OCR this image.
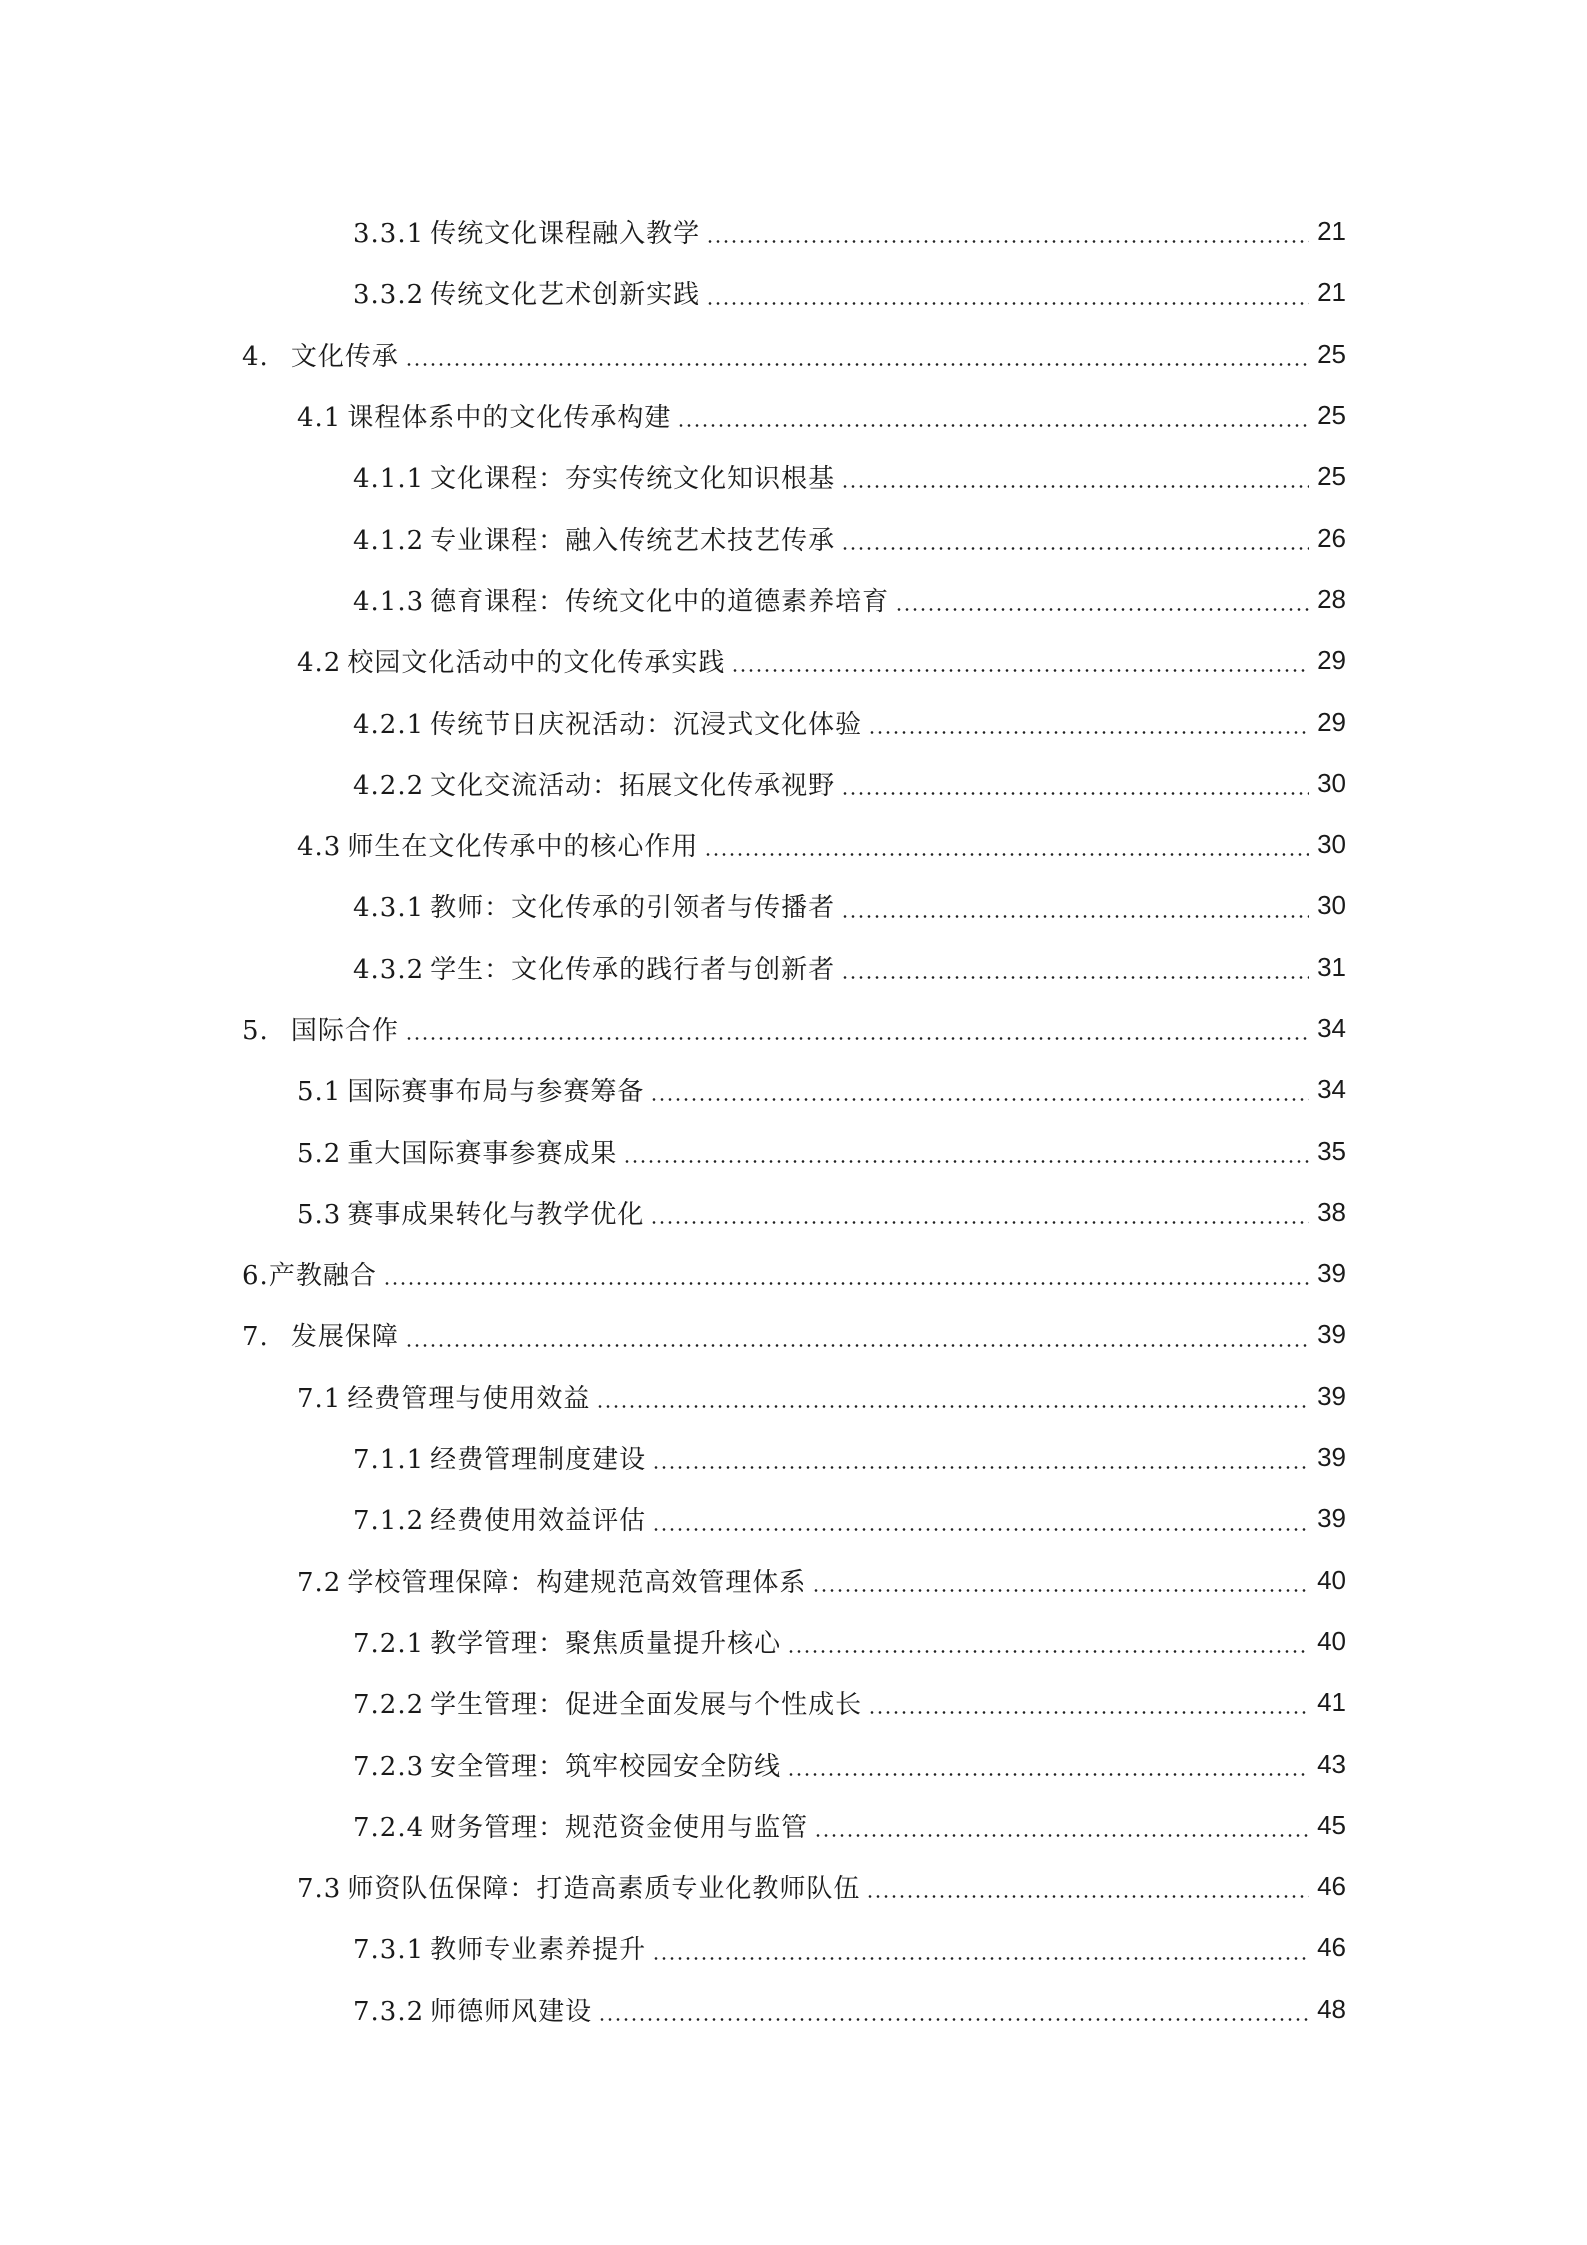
3.3.1 传统文化课程融入教学	21
3.3.2 传统文化艺术创新实践	21
4. 文化传承	25
4.1 课程体系中的文化传承构建	25
4.1.1 文化课程：夯实传统文化知识根基	25
4.1.2 专业课程：融入传统艺术技艺传承	26
4.1.3 德育课程：传统文化中的道德素养培育	28
4.2 校园文化活动中的文化传承实践	29
4.2.1 传统节日庆祝活动：沉浸式文化体验	29
4.2.2 文化交流活动：拓展文化传承视野	30
4.3 师生在文化传承中的核心作用	30
4.3.1 教师：文化传承的引领者与传播者	30
4.3.2 学生：文化传承的践行者与创新者	31
5. 国际合作	34
5.1 国际赛事布局与参赛筹备	34
5.2 重大国际赛事参赛成果	35
5.3 赛事成果转化与教学优化	38
6.产教融合	39
7. 发展保障	39
7.1 经费管理与使用效益	39
7.1.1 经费管理制度建设	39
7.1.2 经费使用效益评估	39
7.2 学校管理保障：构建规范高效管理体系	40
7.2.1 教学管理：聚焦质量提升核心	40
7.2.2 学生管理：促进全面发展与个性成长	41
7.2.3 安全管理：筑牢校园安全防线	43
7.2.4 财务管理：规范资金使用与监管	45
7.3 师资队伍保障：打造高素质专业化教师队伍	46
7.3.1 教师专业素养提升	46
7.3.2 师德师风建设	48
